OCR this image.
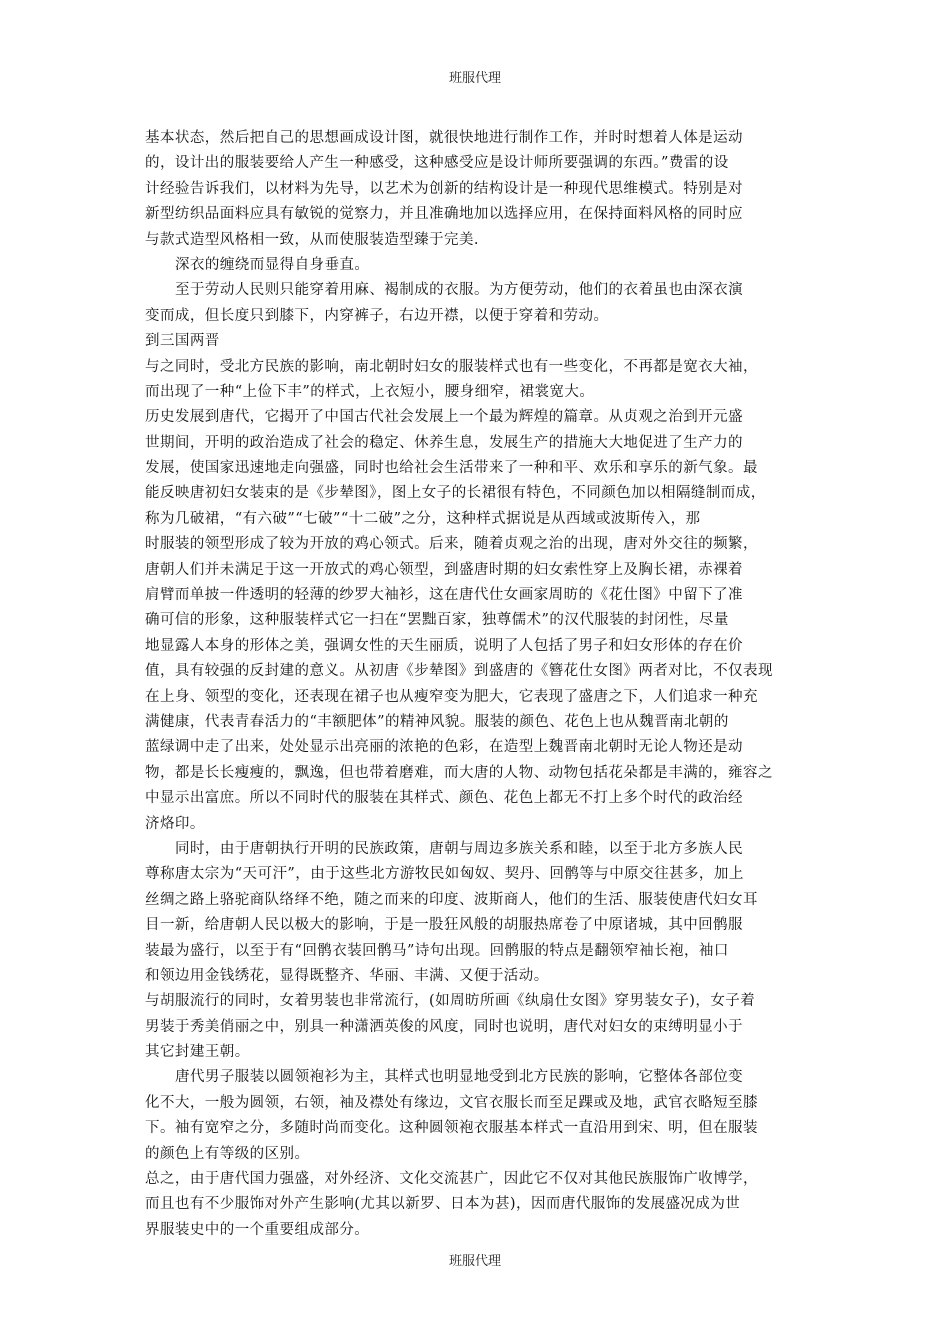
班服代理
基本状态，然后把自己的思想画成设计图，就很快地进行制作工作，并时时想着人体是运动
的，设计出的服装要给人产生一种感受，这种感受应是设计师所要强调的东西。”费雷的设
计经验告诉我们，以材料为先导，以艺术为创新的结构设计是一种现代思维模式。特别是对
新型纺织品面料应具有敏锐的觉察力，并且准确地加以选择应用，在保持面料风格的同时应
与款式造型风格相一致，从而使服装造型臻于完美.
深衣的缠绕而显得自身垂直。
至于劳动人民则只能穿着用麻、褐制成的衣服。为方便劳动，他们的衣着虽也由深衣演
变而成，但长度只到膝下，内穿裤子，右边开襟，以便于穿着和劳动。
到三国两晋
与之同时，受北方民族的影响，南北朝时妇女的服装样式也有一些变化，不再都是宽衣大袖，
而出现了一种“上俭下丰”的样式，上衣短小，腰身细窄，裙裳宽大。
历史发展到唐代，它揭开了中国古代社会发展上一个最为辉煌的篇章。从贞观之治到开元盛
世期间，开明的政治造成了社会的稳定、休养生息，发展生产的措施大大地促进了生产力的
发展，使国家迅速地走向强盛，同时也给社会生活带来了一种和平、欢乐和享乐的新气象。最
能反映唐初妇女装束的是《步辇图》，图上女子的长裙很有特色，不同颜色加以相隔缝制而成，
称为几破裙，“有六破”“七破”“十二破”之分，这种样式据说是从西域或波斯传入，那
时服装的领型形成了较为开放的鸡心领式。后来，随着贞观之治的出现，唐对外交往的频繁，
唐朝人们并未满足于这一开放式的鸡心领型，到盛唐时期的妇女索性穿上及胸长裙，赤裸着
肩臂而单披一件透明的轻薄的纱罗大袖衫，这在唐代仕女画家周昉的《花仕图》中留下了准
确可信的形象，这种服装样式它一扫在“罢黜百家，独尊儒术”的汉代服装的封闭性，尽量
地显露人本身的形体之美，强调女性的天生丽质，说明了人包括了男子和妇女形体的存在价
值，具有较强的反封建的意义。从初唐《步辇图》到盛唐的《簪花仕女图》两者对比，不仅表现
在上身、领型的变化，还表现在裙子也从瘦窄变为肥大，它表现了盛唐之下，人们追求一种充
满健康，代表青春活力的“丰额肥体”的精神风貌。服装的颜色、花色上也从魏晋南北朝的
蓝绿调中走了出来，处处显示出亮丽的浓艳的色彩，在造型上魏晋南北朝时无论人物还是动
物，都是长长瘦瘦的，飘逸，但也带着磨难，而大唐的人物、动物包括花朵都是丰满的，雍容之
中显示出富庶。所以不同时代的服装在其样式、颜色、花色上都无不打上多个时代的政治经
济烙印。
同时，由于唐朝执行开明的民族政策，唐朝与周边多族关系和睦，以至于北方多族人民
尊称唐太宗为“天可汗”，由于这些北方游牧民如匈奴、契丹、回鹘等与中原交往甚多，加上
丝绸之路上骆驼商队络绎不绝，随之而来的印度、波斯商人，他们的生活、服装使唐代妇女耳
目一新，给唐朝人民以极大的影响，于是一股狂风般的胡服热席卷了中原诸城，其中回鹘服
装最为盛行，以至于有“回鹘衣装回鹘马”诗句出现。回鹘服的特点是翻领窄袖长袍，袖口
和领边用金钱绣花，显得既整齐、华丽、丰满、又便于活动。
与胡服流行的同时，女着男装也非常流行，(如周昉所画《纨扇仕女图》穿男装女子)，女子着
男装于秀美俏丽之中，别具一种潇洒英俊的风度，同时也说明，唐代对妇女的束缚明显小于
其它封建王朝。
唐代男子服装以圆领袍衫为主，其样式也明显地受到北方民族的影响，它整体各部位变
化不大，一般为圆领，右领，袖及襟处有缘边，文官衣服长而至足踝或及地，武官衣略短至膝
下。袖有宽窄之分，多随时尚而变化。这种圆领袍衣服基本样式一直沿用到宋、明，但在服装
的颜色上有等级的区别。
总之，由于唐代国力强盛，对外经济、文化交流甚广，因此它不仅对其他民族服饰广收博学，
而且也有不少服饰对外产生影响(尤其以新罗、日本为甚)，因而唐代服饰的发展盛况成为世
界服装史中的一个重要组成部分。
班服代理
